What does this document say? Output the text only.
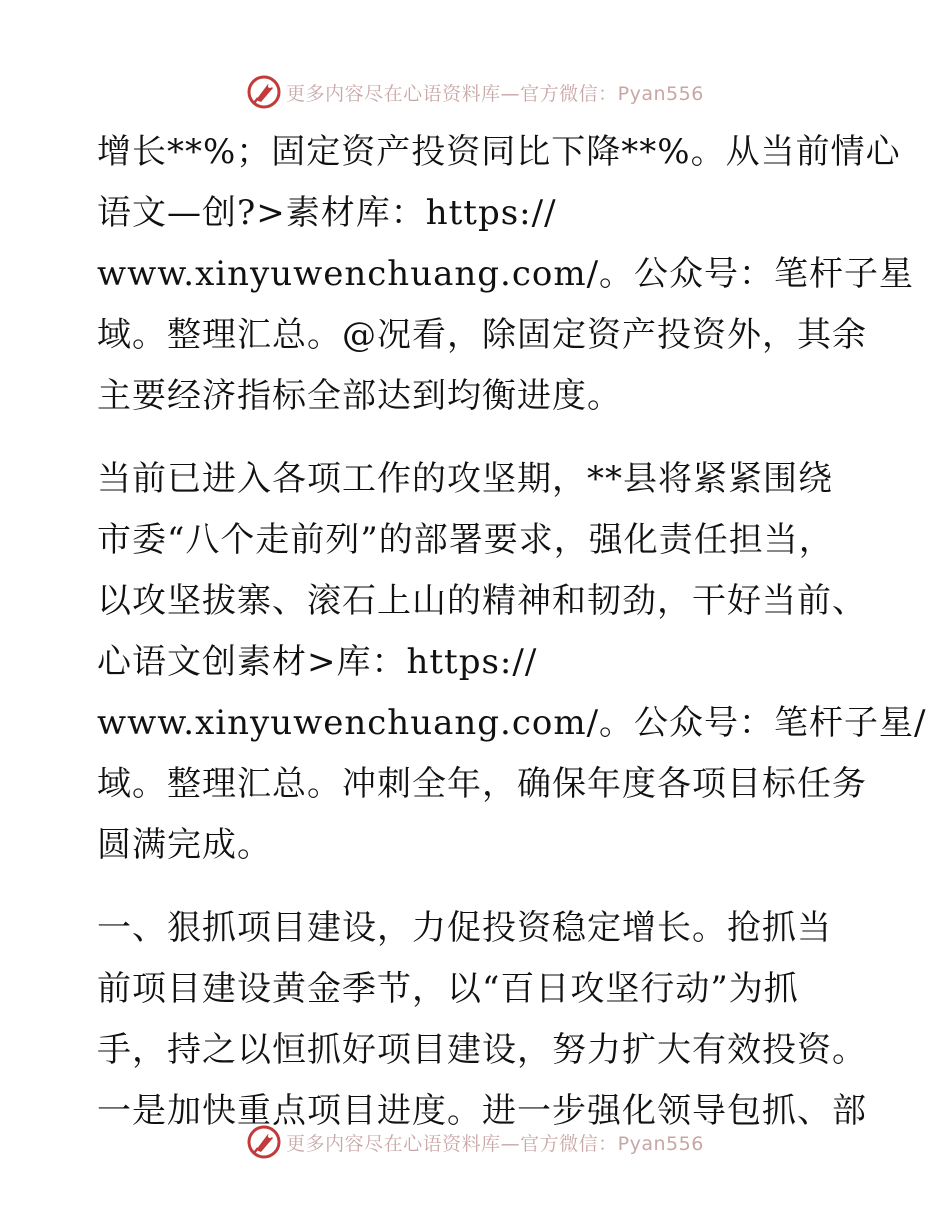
更多内容尽在心语资料库—官方微信：Pyan556
增长**%；固定资产投资同比下降**%。从当前情心
语文—创?>素材库：https://
www.xinyuwenchuang.com/。公众号：笔杆子星
域。整理汇总。@况看，除固定资产投资外，其余
主要经济指标全部达到均衡进度。
当前已进入各项工作的攻坚期，**县将紧紧围绕
市委“八个走前列”的部署要求，强化责任担当，
以攻坚拔寨、滚石上山的精神和韧劲，干好当前、
心语文创素材>库：https://
www.xinyuwenchuang.com/。公众号：笔杆子星/
域。整理汇总。冲刺全年，确保年度各项目标任务
圆满完成。
一、狠抓项目建设，力促投资稳定增长。抢抓当
前项目建设黄金季节，以“百日攻坚行动”为抓
手，持之以恒抓好项目建设，努力扩大有效投资。
一是加快重点项目进度。进一步强化领导包抓、部
更多内容尽在心语资料库—官方微信：Pyan556
